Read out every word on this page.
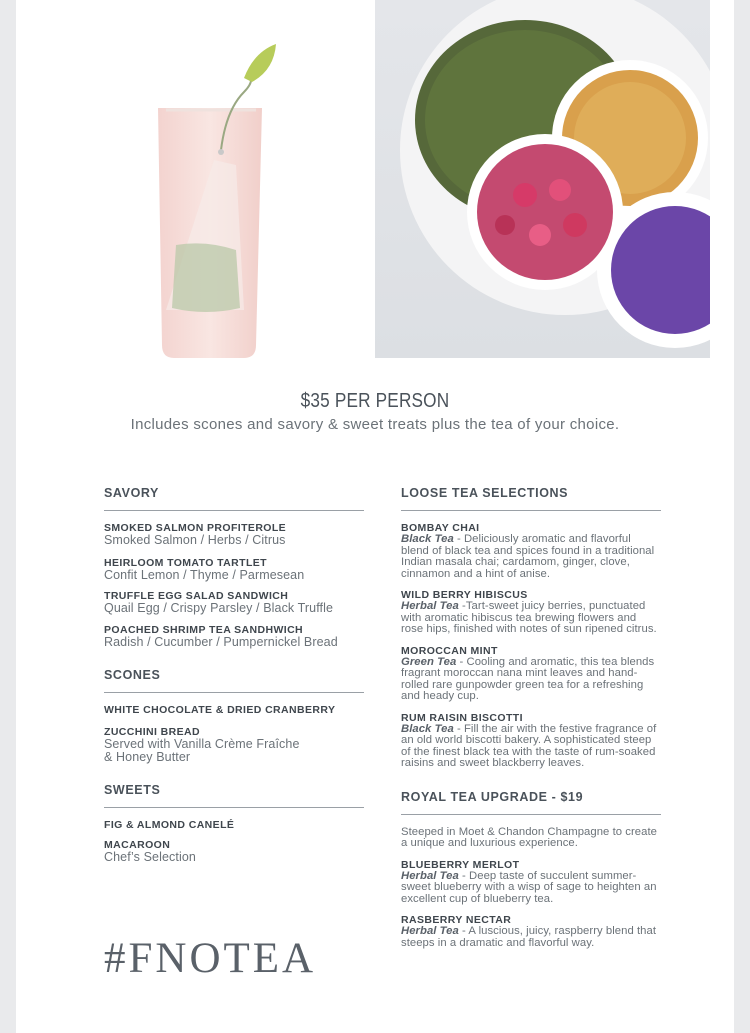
$35 PER PERSON
Includes scones and savory & sweet treats plus the tea of your choice.
SAVORY
SMOKED SALMON PROFITEROLE
Smoked Salmon / Herbs / Citrus
HEIRLOOM TOMATO TARTLET
Confit Lemon / Thyme / Parmesean
TRUFFLE EGG SALAD SANDWICH
Quail Egg / Crispy Parsley / Black Truffle
POACHED SHRIMP TEA SANDHWICH
Radish / Cucumber / Pumpernickel Bread
SCONES
WHITE CHOCOLATE & DRIED CRANBERRY
ZUCCHINI BREAD
Served with Vanilla Crème Fraîche
& Honey Butter
SWEETS
FIG & ALMOND CANELÉ
MACAROON
Chef’s Selection
LOOSE TEA SELECTIONS
BOMBAY CHAI
Black Tea - Deliciously aromatic and flavorful blend of black tea and spices found in a traditional Indian masala chai; cardamom, ginger, clove, cinnamon and a hint of anise.
WILD BERRY HIBISCUS
Herbal Tea -Tart-sweet juicy berries, punctuated with aromatic hibiscus tea brewing flowers and rose hips, finished with notes of sun ripened citrus.
MOROCCAN MINT
Green Tea - Cooling and aromatic, this tea blends fragrant moroccan nana mint leaves and hand-rolled rare gunpowder green tea for a refreshing and heady cup.
RUM RAISIN BISCOTTI
Black Tea - Fill the air with the festive fragrance of an old world biscotti bakery. A sophisticated steep of the finest black tea with the taste of rum-soaked raisins and sweet blackberry leaves.
ROYAL TEA UPGRADE - $19
Steeped in Moet & Chandon Champagne to create a unique and luxurious experience.
BLUEBERRY MERLOT
Herbal Tea - Deep taste of succulent summer-sweet blueberry with a wisp of sage to heighten an excellent cup of blueberry tea.
RASBERRY NECTAR
Herbal Tea - A luscious, juicy, raspberry blend that steeps in a dramatic and flavorful way.
#FNOTEA
